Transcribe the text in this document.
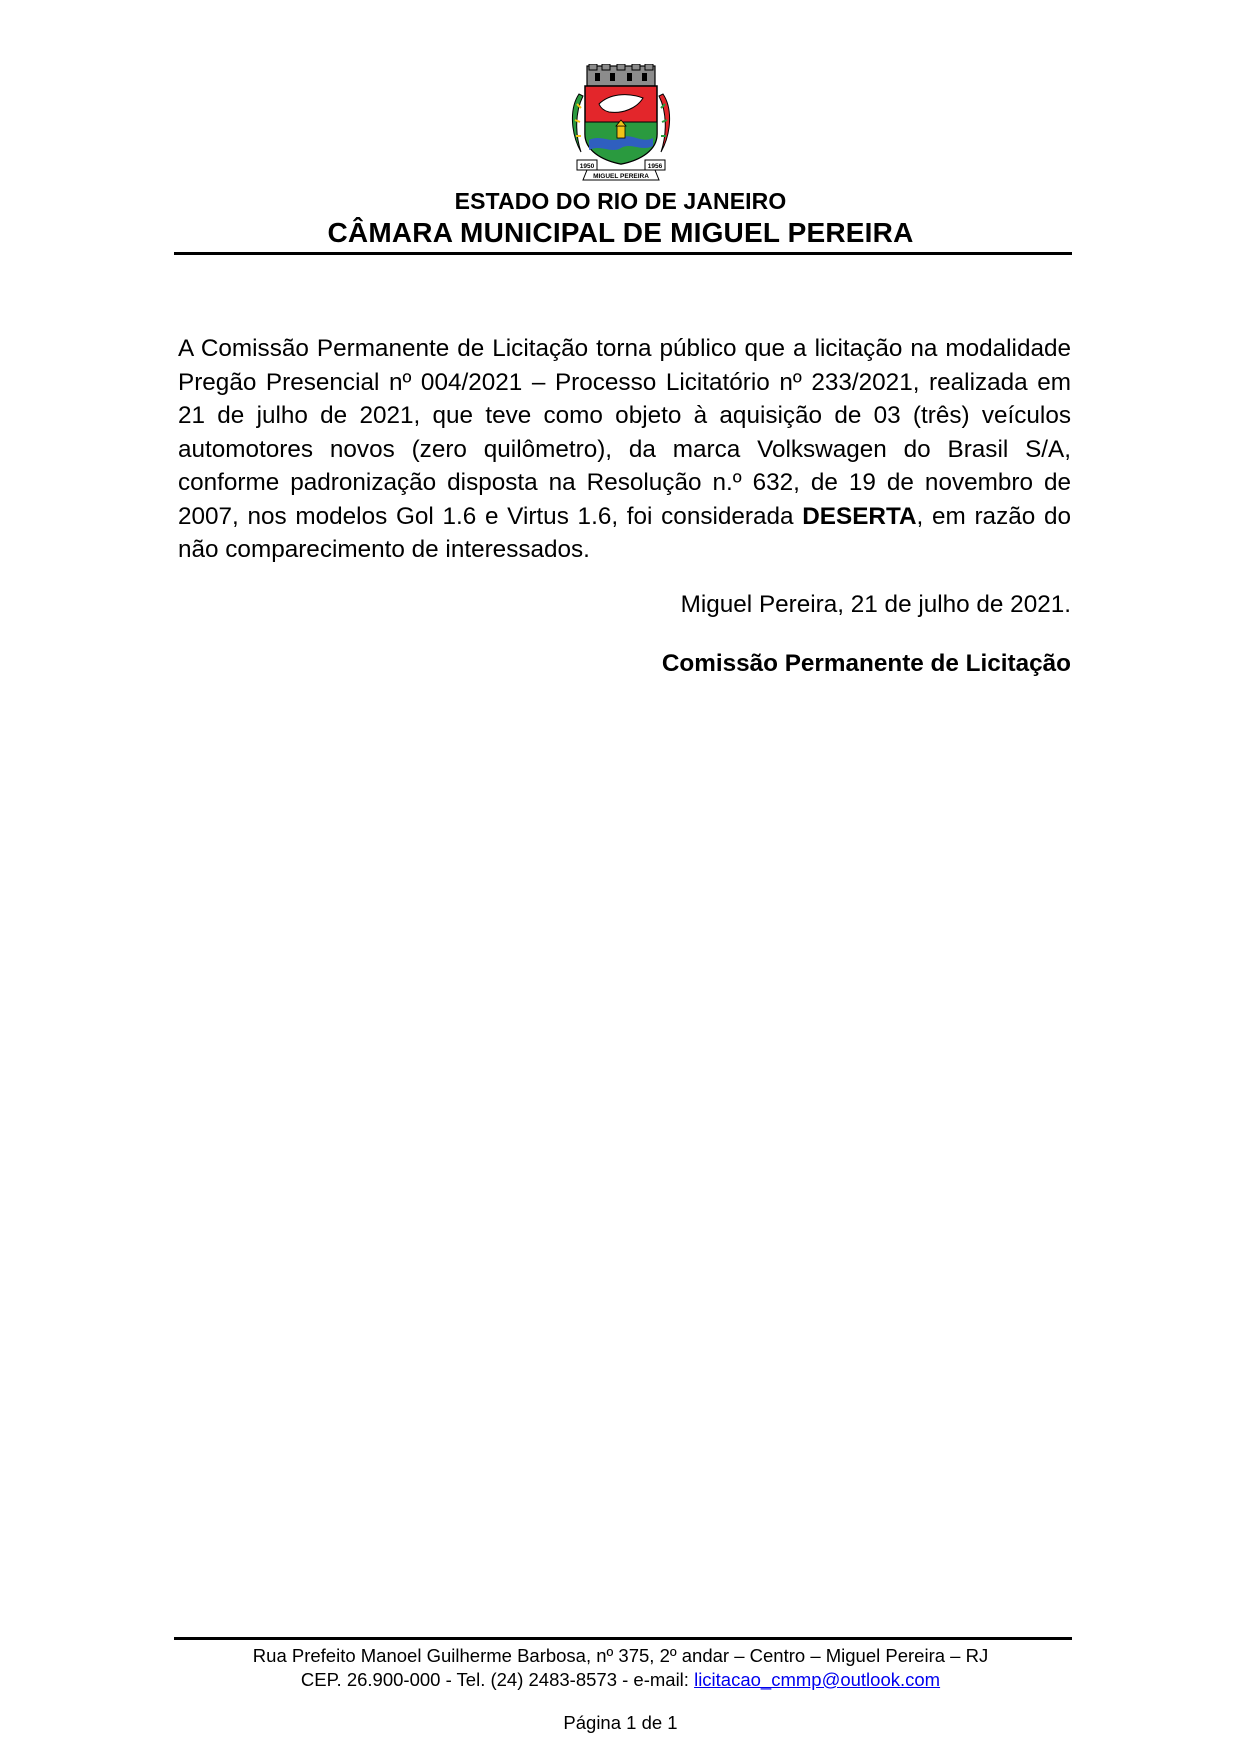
1950	1956
MIGUEL PEREIRA
ESTADO DO RIO DE JANEIRO
CÂMARA MUNICIPAL DE MIGUEL PEREIRA
A Comissão Permanente de Licitação torna público que a licitação na modalidade Pregão Presencial nº 004/2021 – Processo Licitatório nº 233/2021, realizada em 21 de julho de 2021, que teve como objeto à aquisição de 03 (três) veículos automotores novos (zero quilômetro), da marca Volkswagen do Brasil S/A, conforme padronização disposta na Resolução n.º 632, de 19 de novembro de 2007, nos modelos Gol 1.6 e Virtus 1.6, foi considerada DESERTA, em razão do não comparecimento de interessados.
Miguel Pereira, 21 de julho de 2021.
Comissão Permanente de Licitação
Rua Prefeito Manoel Guilherme Barbosa, nº 375, 2º andar – Centro – Miguel Pereira – RJ
CEP. 26.900-000 - Tel. (24) 2483-8573 - e-mail: licitacao_cmmp@outlook.com
Página 1 de 1
